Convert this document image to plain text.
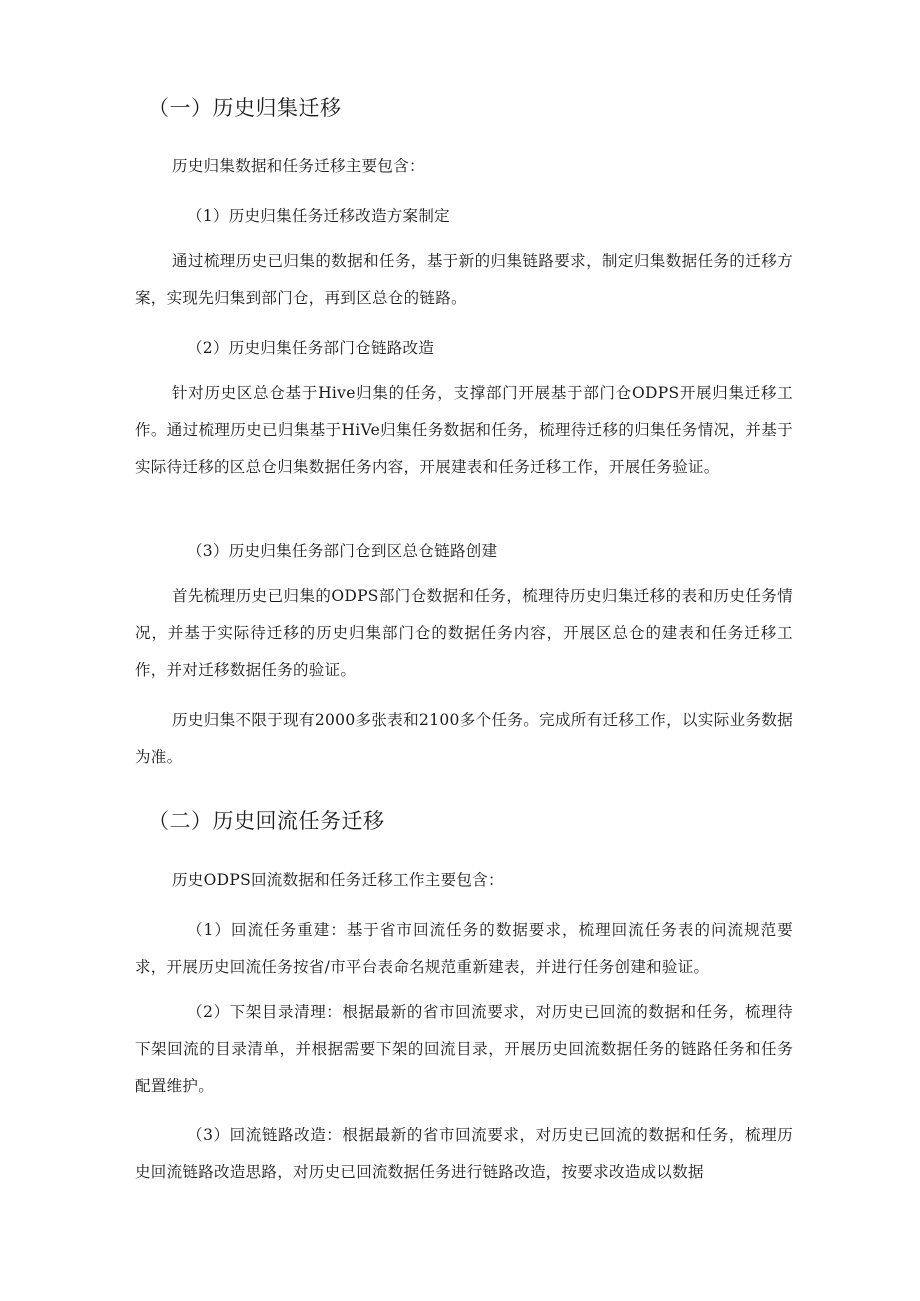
（一）历史归集迁移
历史归集数据和任务迁移主要包含：
（1）历史归集任务迁移改造方案制定
通过梳理历史已归集的数据和任务，基于新的归集链路要求，制定归集数据任务的迁移方案，实现先归集到部门仓，再到区总仓的链路。
（2）历史归集任务部门仓链路改造
针对历史区总仓基于Hive归集的任务，支撑部门开展基于部门仓ODPS开展归集迁移工作。通过梳理历史已归集基于HiVe归集任务数据和任务，梳理待迁移的归集任务情况，并基于实际待迁移的区总仓归集数据任务内容，开展建表和任务迁移工作，开展任务验证。
（3）历史归集任务部门仓到区总仓链路创建
首先梳理历史已归集的ODPS部门仓数据和任务，梳理待历史归集迁移的表和历史任务情况，并基于实际待迁移的历史归集部门仓的数据任务内容，开展区总仓的建表和任务迁移工作，并对迁移数据任务的验证。
历史归集不限于现有2000多张表和2100多个任务。完成所有迁移工作，以实际业务数据为准。
（二）历史回流任务迁移
历史ODPS回流数据和任务迁移工作主要包含：
（1）回流任务重建：基于省市回流任务的数据要求，梳理回流任务表的问流规范要求，开展历史回流任务按省/市平台表命名规范重新建表，并进行任务创建和验证。
（2）下架目录清理：根据最新的省市回流要求，对历史已回流的数据和任务，梳理待下架回流的目录清单，并根据需要下架的回流目录，开展历史回流数据任务的链路任务和任务配置维护。
（3）回流链路改造：根据最新的省市回流要求，对历史已回流的数据和任务，梳理历史回流链路改造思路，对历史已回流数据任务进行链路改造，按要求改造成以数据
